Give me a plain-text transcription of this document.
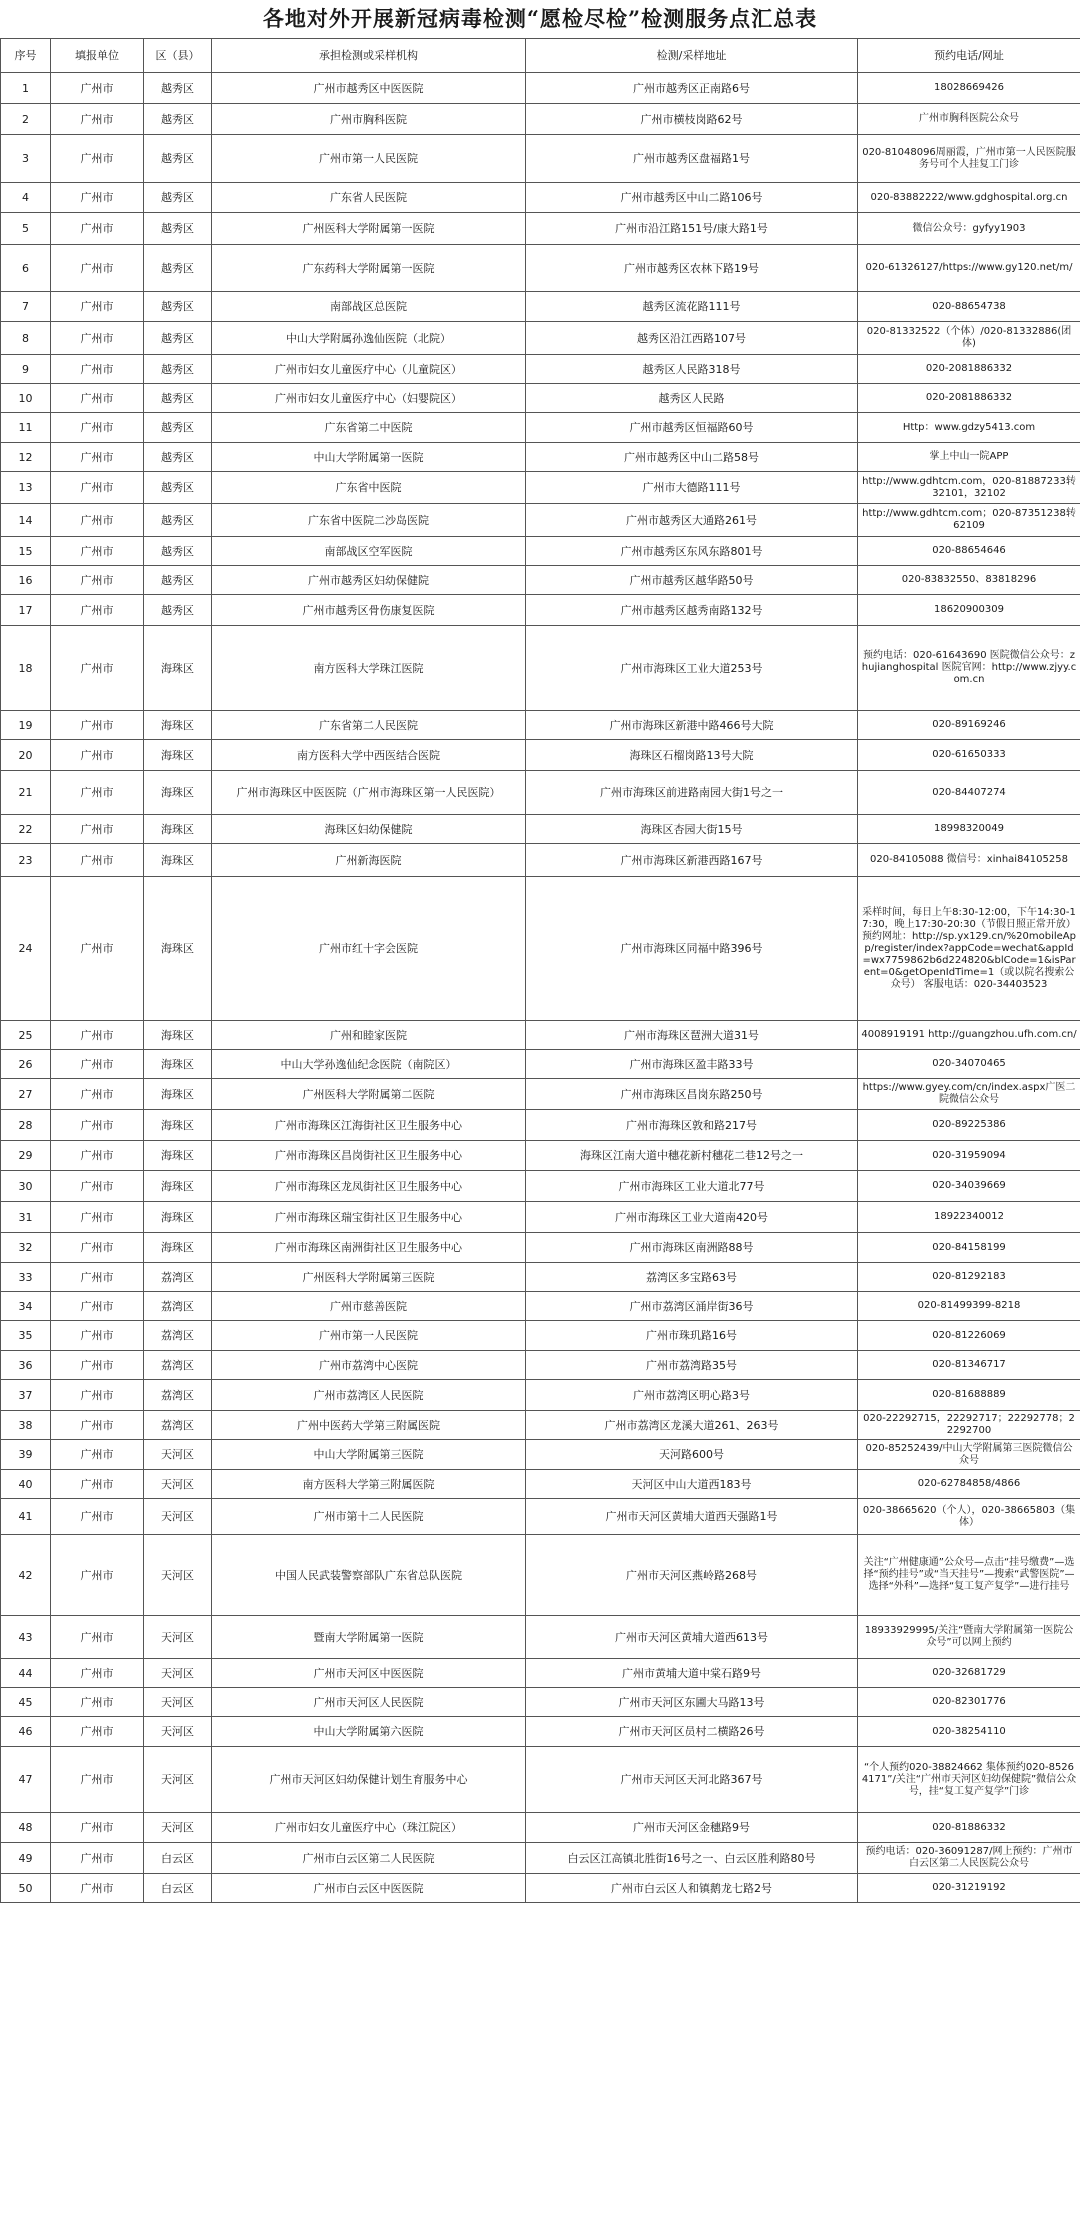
各地对外开展新冠病毒检测“愿检尽检”检测服务点汇总表
序号	填报单位	区（县）	承担检测或采样机构	检测/采样地址	预约电话/网址
1	广州市	越秀区	广州市越秀区中医医院	广州市越秀区正南路6号	18028669426
2	广州市	越秀区	广州市胸科医院	广州市横枝岗路62号	广州市胸科医院公众号
3	广州市	越秀区	广州市第一人民医院	广州市越秀区盘福路1号	020-81048096周丽霞，广州市第一人民医院服务号可个人挂复工门诊
4	广州市	越秀区	广东省人民医院	广州市越秀区中山二路106号	020-83882222/www.gdghospital.org.cn
5	广州市	越秀区	广州医科大学附属第一医院	广州市沿江路151号/康大路1号	微信公众号：gyfyy1903
6	广州市	越秀区	广东药科大学附属第一医院	广州市越秀区农林下路19号	020-61326127/https://www.gy120.net/m/
7	广州市	越秀区	南部战区总医院	越秀区流花路111号	020-88654738
8	广州市	越秀区	中山大学附属孙逸仙医院（北院）	越秀区沿江西路107号	020-81332522（个体）/020-81332886(团体)
9	广州市	越秀区	广州市妇女儿童医疗中心（儿童院区）	越秀区人民路318号	020-2081886332
10	广州市	越秀区	广州市妇女儿童医疗中心（妇婴院区）	越秀区人民路	020-2081886332
11	广州市	越秀区	广东省第二中医院	广州市越秀区恒福路60号	Http：www.gdzy5413.com
12	广州市	越秀区	中山大学附属第一医院	广州市越秀区中山二路58号	掌上中山一院APP
13	广州市	越秀区	广东省中医院	广州市大德路111号	http://www.gdhtcm.com，020-81887233转32101，32102
14	广州市	越秀区	广东省中医院二沙岛医院	广州市越秀区大通路261号	http://www.gdhtcm.com；020-87351238转62109
15	广州市	越秀区	南部战区空军医院	广州市越秀区东风东路801号	020-88654646
16	广州市	越秀区	广州市越秀区妇幼保健院	广州市越秀区越华路50号	020-83832550、83818296
17	广州市	越秀区	广州市越秀区骨伤康复医院	广州市越秀区越秀南路132号	18620900309
18	广州市	海珠区	南方医科大学珠江医院	广州市海珠区工业大道253号	预约电话：020-61643690 医院微信公众号：zhujianghospital 医院官网：http://www.zjyy.com.cn
19	广州市	海珠区	广东省第二人民医院	广州市海珠区新港中路466号大院	020-89169246
20	广州市	海珠区	南方医科大学中西医结合医院	海珠区石榴岗路13号大院	020-61650333
21	广州市	海珠区	广州市海珠区中医医院（广州市海珠区第一人民医院）	广州市海珠区前进路南园大街1号之一	020-84407274
22	广州市	海珠区	海珠区妇幼保健院	海珠区杏园大街15号	18998320049
23	广州市	海珠区	广州新海医院	广州市海珠区新港西路167号	020-84105088 微信号：xinhai84105258
24	广州市	海珠区	广州市红十字会医院	广州市海珠区同福中路396号	采样时间，每日上午8:30-12:00，下午14:30-17:30，晚上17:30-20:30（节假日照正常开放） 预约网址：http://sp.yx129.cn/%20mobileApp/register/index?appCode=wechat&appId=wx7759862b6d224820&blCode=1&isParent=0&getOpenIdTime=1（或以院名搜索公众号） 客服电话：020-34403523
25	广州市	海珠区	广州和睦家医院	广州市海珠区琶洲大道31号	4008919191 http://guangzhou.ufh.com.cn/
26	广州市	海珠区	中山大学孙逸仙纪念医院（南院区）	广州市海珠区盈丰路33号	020-34070465
27	广州市	海珠区	广州医科大学附属第二医院	广州市海珠区昌岗东路250号	https://www.gyey.com/cn/index.aspx广医二院微信公众号
28	广州市	海珠区	广州市海珠区江海街社区卫生服务中心	广州市海珠区敦和路217号	020-89225386
29	广州市	海珠区	广州市海珠区昌岗街社区卫生服务中心	海珠区江南大道中穗花新村穗花二巷12号之一	020-31959094
30	广州市	海珠区	广州市海珠区龙凤街社区卫生服务中心	广州市海珠区工业大道北77号	020-34039669
31	广州市	海珠区	广州市海珠区瑞宝街社区卫生服务中心	广州市海珠区工业大道南420号	18922340012
32	广州市	海珠区	广州市海珠区南洲街社区卫生服务中心	广州市海珠区南洲路88号	020-84158199
33	广州市	荔湾区	广州医科大学附属第三医院	荔湾区多宝路63号	020-81292183
34	广州市	荔湾区	广州市慈善医院	广州市荔湾区涌岸街36号	020-81499399-8218
35	广州市	荔湾区	广州市第一人民医院	广州市珠玑路16号	020-81226069
36	广州市	荔湾区	广州市荔湾中心医院	广州市荔湾路35号	020-81346717
37	广州市	荔湾区	广州市荔湾区人民医院	广州市荔湾区明心路3号	020-81688889
38	广州市	荔湾区	广州中医药大学第三附属医院	广州市荔湾区龙溪大道261、263号	020-22292715，22292717；22292778；22292700
39	广州市	天河区	中山大学附属第三医院	天河路600号	020-85252439/中山大学附属第三医院微信公众号
40	广州市	天河区	南方医科大学第三附属医院	天河区中山大道西183号	020-62784858/4866
41	广州市	天河区	广州市第十二人民医院	广州市天河区黄埔大道西天强路1号	020-38665620（个人），020-38665803（集体）
42	广州市	天河区	中国人民武装警察部队广东省总队医院	广州市天河区燕岭路268号	关注“广州健康通”公众号—点击“挂号缴费”—选择“预约挂号”或“当天挂号”—搜索“武警医院”—选择“外科”—选择“复工复产复学”—进行挂号
43	广州市	天河区	暨南大学附属第一医院	广州市天河区黄埔大道西613号	18933929995/关注“暨南大学附属第一医院公众号”可以网上预约
44	广州市	天河区	广州市天河区中医医院	广州市黄埔大道中棠石路9号	020-32681729
45	广州市	天河区	广州市天河区人民医院	广州市天河区东圃大马路13号	020-82301776
46	广州市	天河区	中山大学附属第六医院	广州市天河区员村二横路26号	020-38254110
47	广州市	天河区	广州市天河区妇幼保健计划生育服务中心	广州市天河区天河北路367号	“个人预约020-38824662 集体预约020-85264171”/关注“广州市天河区妇幼保健院”微信公众号，挂“复工复产复学”门诊
48	广州市	天河区	广州市妇女儿童医疗中心（珠江院区）	广州市天河区金穗路9号	020-81886332
49	广州市	白云区	广州市白云区第二人民医院	白云区江高镇北胜街16号之一、白云区胜利路80号	预约电话：020-36091287/网上预约：广州市白云区第二人民医院公众号
50	广州市	白云区	广州市白云区中医医院	广州市白云区人和镇鹅龙七路2号	020-31219192
